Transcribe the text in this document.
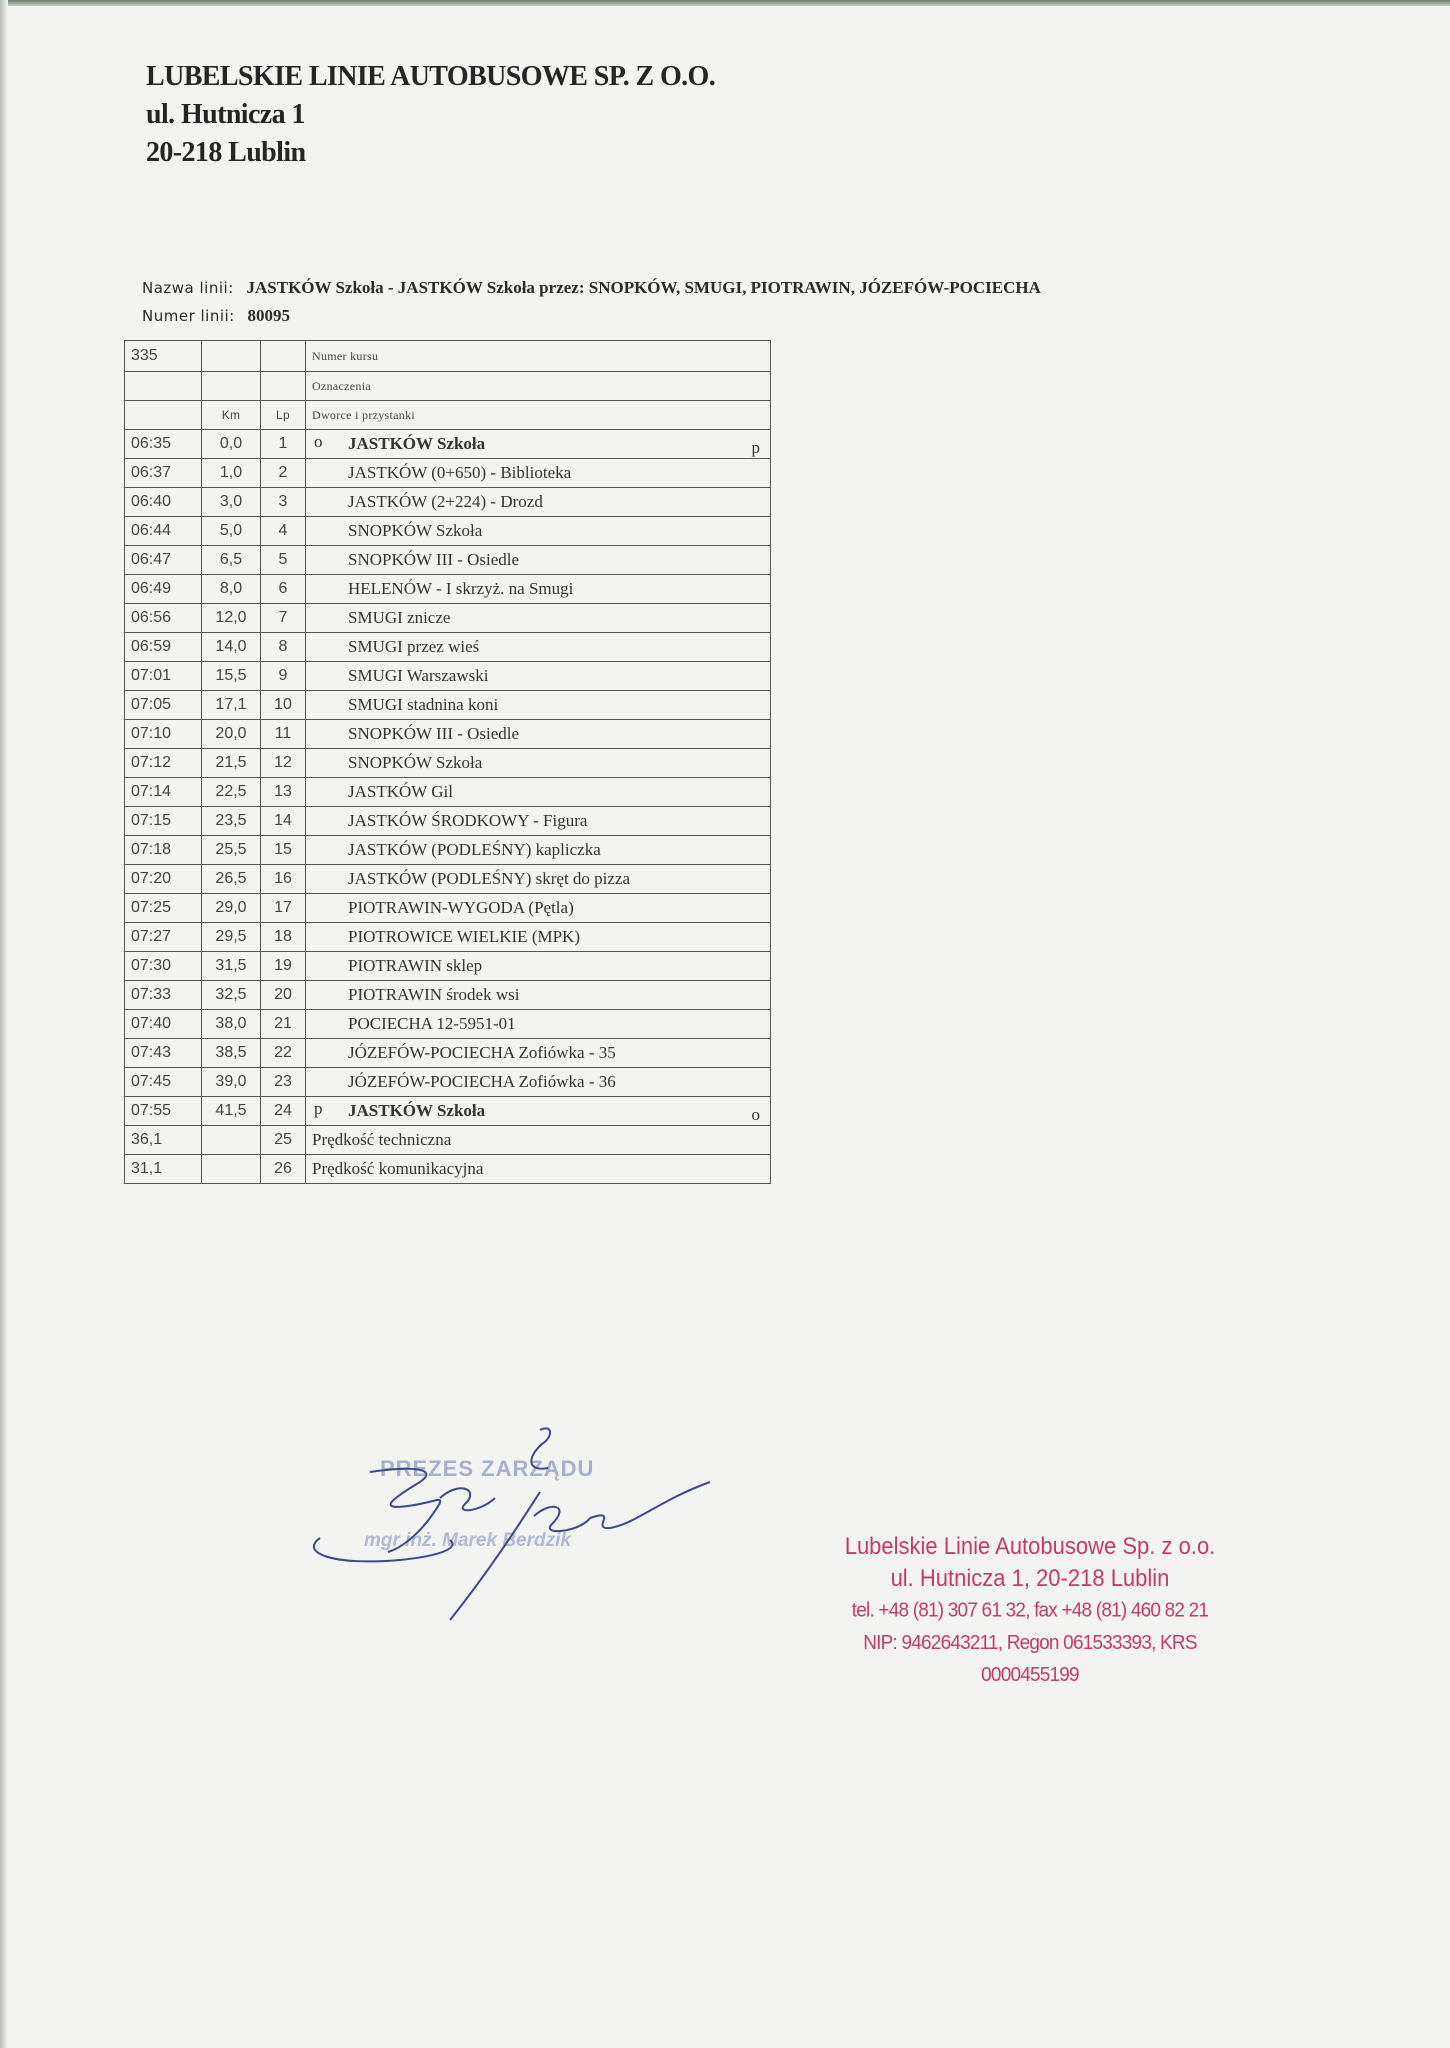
LUBELSKIE LINIE AUTOBUSOWE SP. Z O.O.
ul. Hutnicza 1
20-218 Lublin
Nazwa linii: JASTKÓW Szkoła - JASTKÓW Szkoła przez: SNOPKÓW, SMUGI, PIOTRAWIN, JÓZEFÓW-POCIECHA
Numer linii: 80095
335			Numer kursu
			Oznaczenia
	Km	Lp	Dworce i przystanki
06:35	0,0	1	o JASTKÓW Szkoła p

06:37	1,0	2	JASTKÓW (0+650) - Biblioteka
06:40	3,0	3	JASTKÓW (2+224) - Drozd
06:44	5,0	4	SNOPKÓW Szkoła
06:47	6,5	5	SNOPKÓW III - Osiedle
06:49	8,0	6	HELENÓW - I skrzyż. na Smugi
06:56	12,0	7	SMUGI znicze
06:59	14,0	8	SMUGI przez wieś
07:01	15,5	9	SMUGI Warszawski
07:05	17,1	10	SMUGI stadnina koni
07:10	20,0	11	SNOPKÓW III - Osiedle
07:12	21,5	12	SNOPKÓW Szkoła
07:14	22,5	13	JASTKÓW Gil
07:15	23,5	14	JASTKÓW ŚRODKOWY - Figura
07:18	25,5	15	JASTKÓW (PODLEŚNY) kapliczka
07:20	26,5	16	JASTKÓW (PODLEŚNY) skręt do pizza
07:25	29,0	17	PIOTRAWIN-WYGODA (Pętla)
07:27	29,5	18	PIOTROWICE WIELKIE (MPK)
07:30	31,5	19	PIOTRAWIN sklep
07:33	32,5	20	PIOTRAWIN środek wsi
07:40	38,0	21	POCIECHA 12-5951-01
07:43	38,5	22	JÓZEFÓW-POCIECHA Zofiówka - 35
07:45	39,0	23	JÓZEFÓW-POCIECHA Zofiówka - 36
07:55	41,5	24	p JASTKÓW Szkoła o

36,1		25	Prędkość techniczna
31,1		26	Prędkość komunikacyjna
PREZES ZARZĄDU
mgr inż. Marek Berdzik	Lubelskie Linie Autobusowe Sp. z o.o.
ul. Hutnicza 1, 20-218 Lublin
tel. +48 (81) 307 61 32, fax +48 (81) 460 82 21
NIP: 9462643211, Regon 061533393, KRS 0000455199
